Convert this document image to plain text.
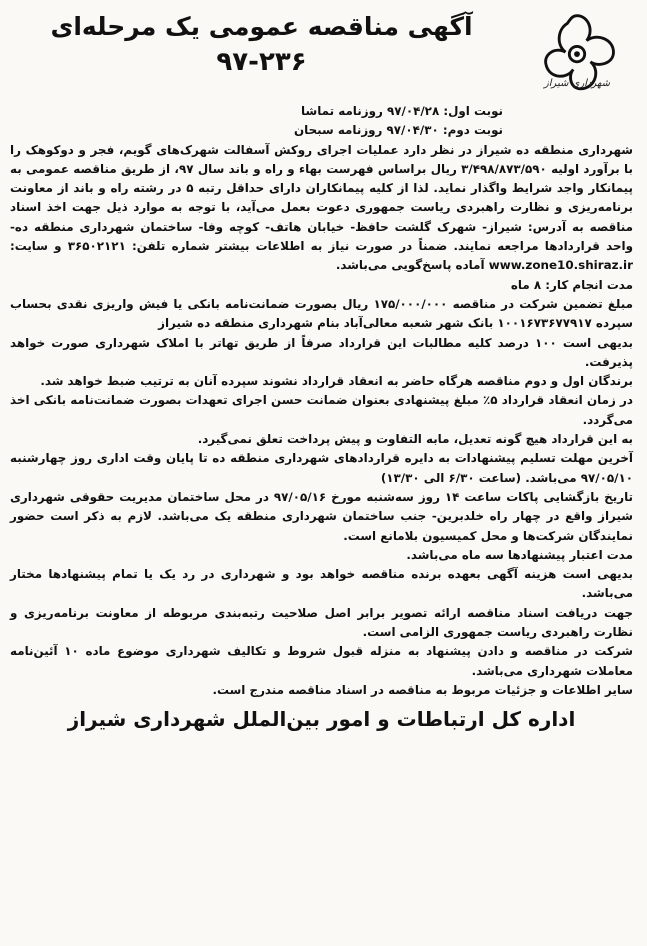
شهرداری شیراز

آگهی مناقصه عمومی یک مرحله‌ای

۹۷-۲۳۶

نوبت اول: ۹۷/۰۴/۲۸ روزنامه تماشا

نوبت دوم: ۹۷/۰۴/۳۰ روزنامه سبحان

شهرداری منطقه ده شیراز در نظر دارد عملیات اجرای روکش آسفالت شهرک‌های گویم، فجر و دوکوهک را با برآورد اولیه ۳/۴۹۸/۸۷۳/۵۹۰ ریال براساس فهرست بهاء و راه و باند سال ۹۷، از طریق مناقصه عمومی به پیمانکار واجد شرایط واگذار نماید. لذا از کلیه پیمانکاران دارای حداقل رتبه ۵ در رشته راه و باند از معاونت برنامه‌ریزی و نظارت راهبردی ریاست جمهوری دعوت بعمل می‌آید، با توجه به موارد ذیل جهت اخذ اسناد مناقصه به آدرس: شیراز- شهرک گلشت حافظ- خیابان هاتف- کوچه وفا- ساختمان شهرداری منطقه ده- واحد قراردادها مراجعه نمایند. ضمناً در صورت نیاز به اطلاعات بیشتر شماره تلفن: ۳۶۵۰۲۱۲۱ و سایت: www.zone10.shiraz.ir آماده پاسخ‌گویی می‌باشد.

مدت انجام کار: ۸ ماه

مبلغ تضمین شرکت در مناقصه ۱۷۵/۰۰۰/۰۰۰ ریال بصورت ضمانت‌نامه بانکی یا فیش واریزی نقدی بحساب سپرده ۱۰۰۱۶۷۳۶۷۷۹۱۷ بانک شهر شعبه معالی‌آباد بنام شهرداری منطقه ده شیراز

بدیهی است ۱۰۰ درصد کلیه مطالبات این قرارداد صرفاً از طریق تهاتر با املاک شهرداری صورت خواهد پذیرفت.

برندگان اول و دوم مناقصه هرگاه حاضر به انعقاد قرارداد نشوند سپرده آنان به ترتیب ضبط خواهد شد.

در زمان انعقاد قرارداد ۵٪ مبلغ پیشنهادی بعنوان ضمانت حسن اجرای تعهدات بصورت ضمانت‌نامه بانکی اخذ می‌گردد.

به این قرارداد هیچ گونه تعدیل، مابه التفاوت و پیش پرداخت تعلق نمی‌گیرد.

آخرین مهلت تسلیم پیشنهادات به دایره قراردادهای شهرداری منطقه ده تا پایان وقت اداری روز چهارشنبه ۹۷/۰۵/۱۰ می‌باشد. (ساعت ۶/۳۰ الی ۱۳/۳۰)

تاریخ بازگشایی پاکات ساعت ۱۴ روز سه‌شنبه مورخ ۹۷/۰۵/۱۶ در محل ساختمان مدیریت حقوقی شهرداری شیراز واقع در چهار راه خلدبرین- جنب ساختمان شهرداری منطقه یک می‌باشد. لازم به ذکر است حضور نمایندگان شرکت‌ها و محل کمیسیون بلامانع است.

مدت اعتبار پیشنهادها سه ماه می‌باشد.

بدیهی است هزینه آگهی بعهده برنده مناقصه خواهد بود و شهرداری در رد یک یا تمام پیشنهادها مختار می‌باشد.

جهت دریافت اسناد مناقصه ارائه تصویر برابر اصل صلاحیت رتبه‌بندی مربوطه از معاونت برنامه‌ریزی و نظارت راهبردی ریاست جمهوری الزامی است.

شرکت در مناقصه و دادن پیشنهاد به منزله قبول شروط و تکالیف شهرداری موضوع ماده ۱۰ آئین‌نامه معاملات شهرداری می‌باشد.

سایر اطلاعات و جزئیات مربوط به مناقصه در اسناد مناقصه مندرج است.

اداره کل ارتباطات و امور بین‌الملل شهرداری شیراز
